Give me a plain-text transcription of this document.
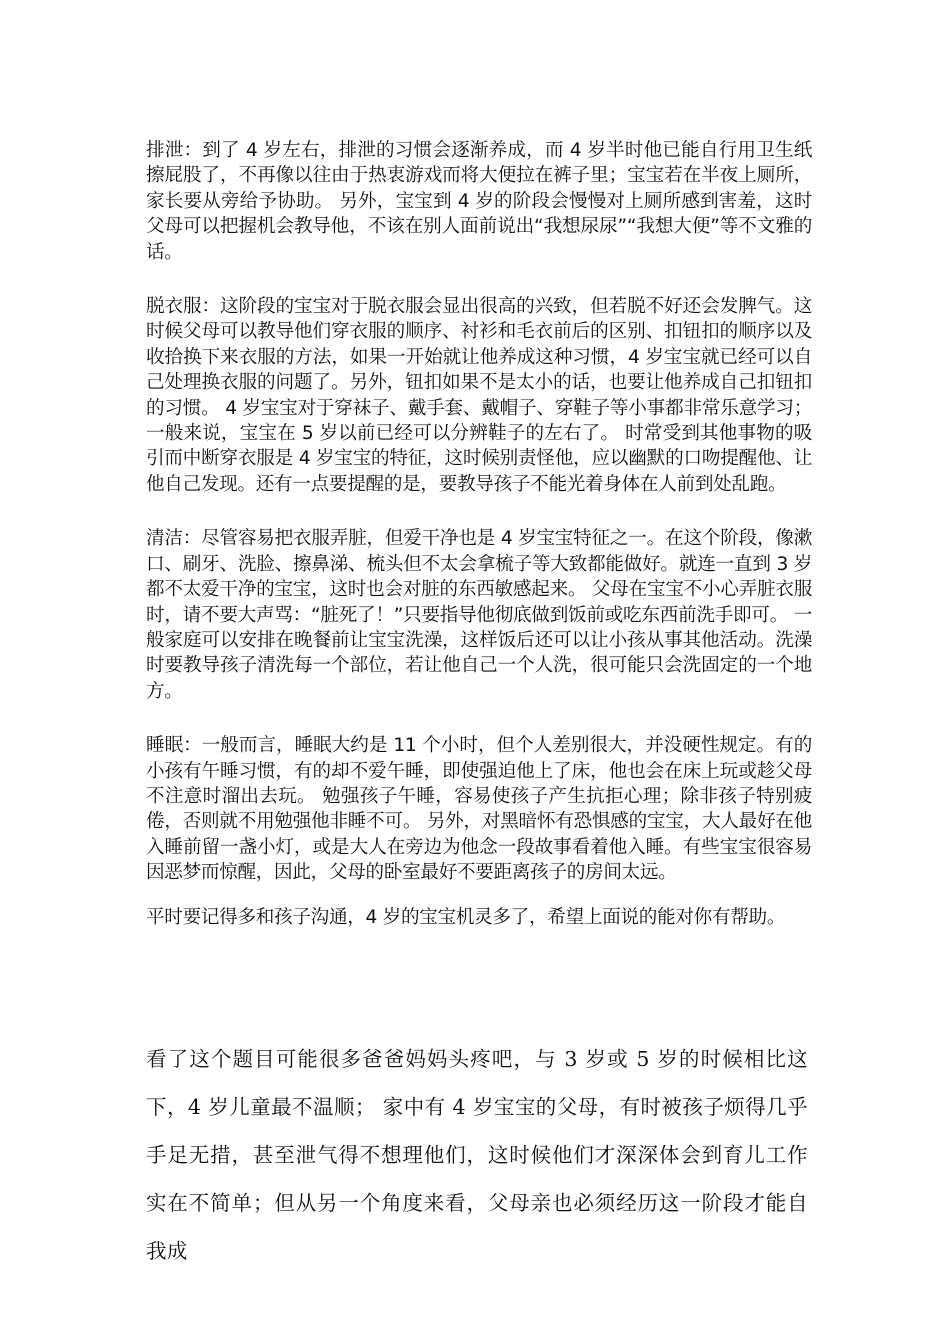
排泄：到了 4 岁左右，排泄的习惯会逐渐养成，而 4 岁半时他已能自行用卫生纸擦屁股了，不再像以往由于热衷游戏而将大便拉在裤子里；宝宝若在半夜上厕所，家长要从旁给予协助。 另外，宝宝到 4 岁的阶段会慢慢对上厕所感到害羞，这时父母可以把握机会教导他，不该在别人面前说出“我想尿尿”“我想大便”等不文雅的话。

脱衣服：这阶段的宝宝对于脱衣服会显出很高的兴致，但若脱不好还会发脾气。这时候父母可以教导他们穿衣服的顺序、衬衫和毛衣前后的区别、扣钮扣的顺序以及收拾换下来衣服的方法，如果一开始就让他养成这种习惯，4 岁宝宝就已经可以自己处理换衣服的问题了。另外，钮扣如果不是太小的话，也要让他养成自己扣钮扣的习惯。 4 岁宝宝对于穿袜子、戴手套、戴帽子、穿鞋子等小事都非常乐意学习；一般来说，宝宝在 5 岁以前已经可以分辨鞋子的左右了。 时常受到其他事物的吸引而中断穿衣服是 4 岁宝宝的特征，这时候别责怪他，应以幽默的口吻提醒他、让他自己发现。还有一点要提醒的是，要教导孩子不能光着身体在人前到处乱跑。

清洁：尽管容易把衣服弄脏，但爱干净也是 4 岁宝宝特征之一。在这个阶段，像漱口、刷牙、洗脸、擦鼻涕、梳头但不太会拿梳子等大致都能做好。就连一直到 3 岁都不太爱干净的宝宝，这时也会对脏的东西敏感起来。 父母在宝宝不小心弄脏衣服时，请不要大声骂：“脏死了！”只要指导他彻底做到饭前或吃东西前洗手即可。 一般家庭可以安排在晚餐前让宝宝洗澡，这样饭后还可以让小孩从事其他活动。洗澡时要教导孩子清洗每一个部位，若让他自己一个人洗，很可能只会洗固定的一个地方。

睡眠：一般而言，睡眠大约是 11 个小时，但个人差别很大，并没硬性规定。有的小孩有午睡习惯，有的却不爱午睡，即使强迫他上了床，他也会在床上玩或趁父母不注意时溜出去玩。 勉强孩子午睡，容易使孩子产生抗拒心理；除非孩子特别疲倦，否则就不用勉强他非睡不可。 另外，对黑暗怀有恐惧感的宝宝，大人最好在他入睡前留一盏小灯，或是大人在旁边为他念一段故事看着他入睡。有些宝宝很容易因恶梦而惊醒，因此，父母的卧室最好不要距离孩子的房间太远。

平时要记得多和孩子沟通，4 岁的宝宝机灵多了，希望上面说的能对你有帮助。

看了这个题目可能很多爸爸妈妈头疼吧，与 3 岁或 5 岁的时候相比这下，4 岁儿童最不温顺； 家中有 4 岁宝宝的父母，有时被孩子烦得几乎手足无措，甚至泄气得不想理他们，这时候他们才深深体会到育儿工作实在不简单；但从另一个角度来看，父母亲也必须经历这一阶段才能自我成
